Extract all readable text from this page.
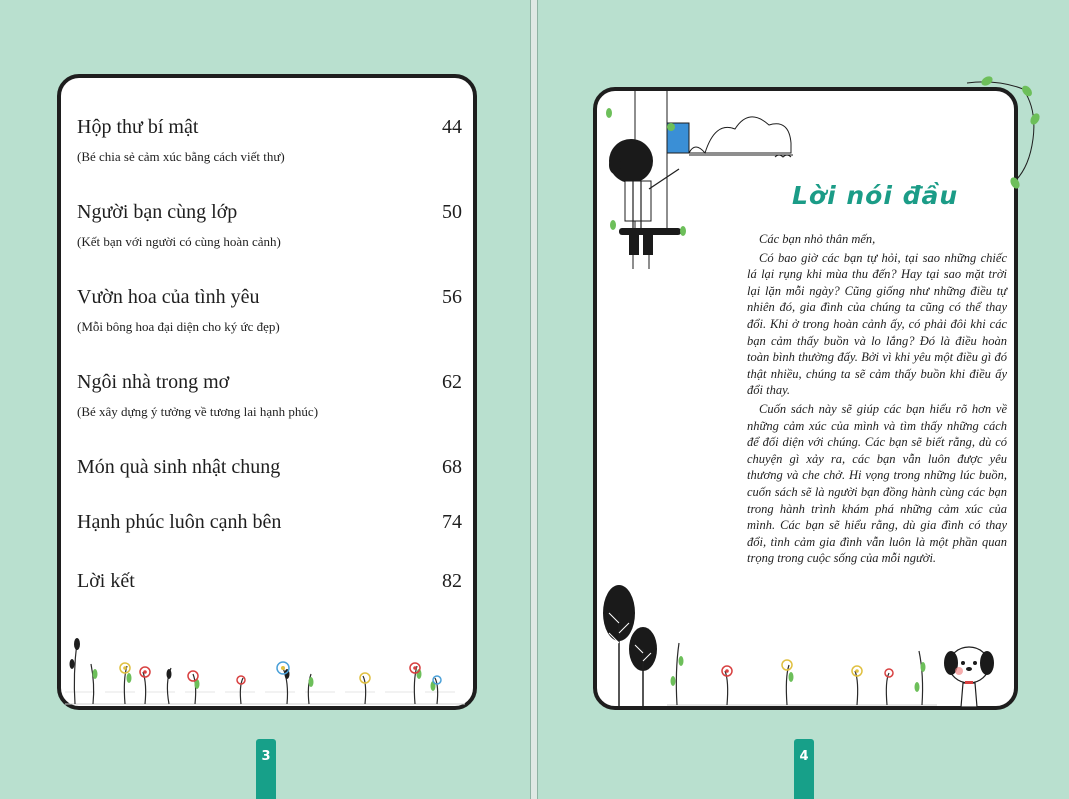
Hộp thư bí mật	44
(Bé chia sẻ cảm xúc bằng cách viết thư)
Người bạn cùng lớp	50
(Kết bạn với người có cùng hoàn cảnh)
Vườn hoa của tình yêu	56
(Mỗi bông hoa đại diện cho ký ức đẹp)
Ngôi nhà trong mơ	62
(Bé xây dựng ý tưởng về tương lai hạnh phúc)
Món quà sinh nhật chung	68
Hạnh phúc luôn cạnh bên	74
Lời kết	82
3
Lời nói đầu

Các bạn nhỏ thân mến,

Có bao giờ các bạn tự hỏi, tại sao những chiếc lá lại rụng khi mùa thu đến? Hay tại sao mặt trời lại lặn mỗi ngày? Cũng giống như những điều tự nhiên đó, gia đình của chúng ta cũng có thể thay đổi. Khi ở trong hoàn cảnh ấy, có phải đôi khi các bạn cảm thấy buồn và lo lắng? Đó là điều hoàn toàn bình thường đấy. Bởi vì khi yêu một điều gì đó thật nhiều, chúng ta sẽ cảm thấy buồn khi điều ấy đổi thay.

Cuốn sách này sẽ giúp các bạn hiểu rõ hơn về những cảm xúc của mình và tìm thấy những cách để đối diện với chúng. Các bạn sẽ biết rằng, dù có chuyện gì xảy ra, các bạn vẫn luôn được yêu thương và che chở. Hi vọng trong những lúc buồn, cuốn sách sẽ là người bạn đồng hành cùng các bạn trong hành trình khám phá những cảm xúc của mình. Các bạn sẽ hiểu rằng, dù gia đình có thay đổi, tình cảm gia đình vẫn luôn là một phần quan trọng trong cuộc sống của mỗi người.

4
